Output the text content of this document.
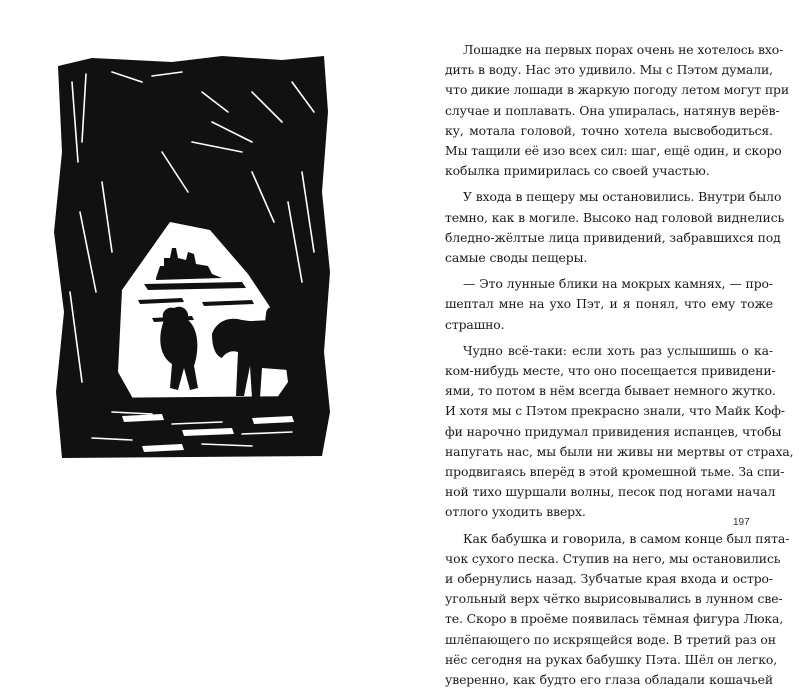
Лошадке на первых порах очень не хотелось вхо-

дить в воду. Нас это удивило. Мы с Пэтом думали,

что дикие лошади в жаркую погоду летом могут при

случае и поплавать. Она упиралась, натянув верёв-

ку, мотала головой, точно хотела высвободиться.

Мы тащили её изо всех сил: шаг, ещё один, и скоро

кобылка примирилась со своей участью.

У входа в пещеру мы остановились. Внутри было

темно, как в могиле. Высоко над головой виднелись

бледно-жёлтые лица привидений, забравшихся под

самые своды пещеры.

— Это лунные блики на мокрых камнях, — про-

шептал мне на ухо Пэт, и я понял, что ему тоже

страшно.

Чудно всё-таки: если хоть раз услышишь о ка-

ком-нибудь месте, что оно посещается привидени-

ями, то потом в нём всегда бывает немного жутко.

И хотя мы с Пэтом прекрасно знали, что Майк Коф-

фи нарочно придумал привидения испанцев, чтобы

напугать нас, мы были ни живы ни мертвы от страха,

продвигаясь вперёд в этой кромешной тьме. За спи-

ной тихо шуршали волны, песок под ногами начал

отлого уходить вверх.

Как бабушка и говорила, в самом конце был пята-

чок сухого песка. Ступив на него, мы остановились

и обернулись назад. Зубчатые края входа и остро-

угольный верх чётко вырисовывались в лунном све-

те. Скоро в проёме появилась тёмная фигура Люка,

шлёпающего по искрящейся воде. В третий раз он

нёс сегодня на руках бабушку Пэта. Шёл он легко,

уверенно, как будто его глаза обладали кошачьей

197
